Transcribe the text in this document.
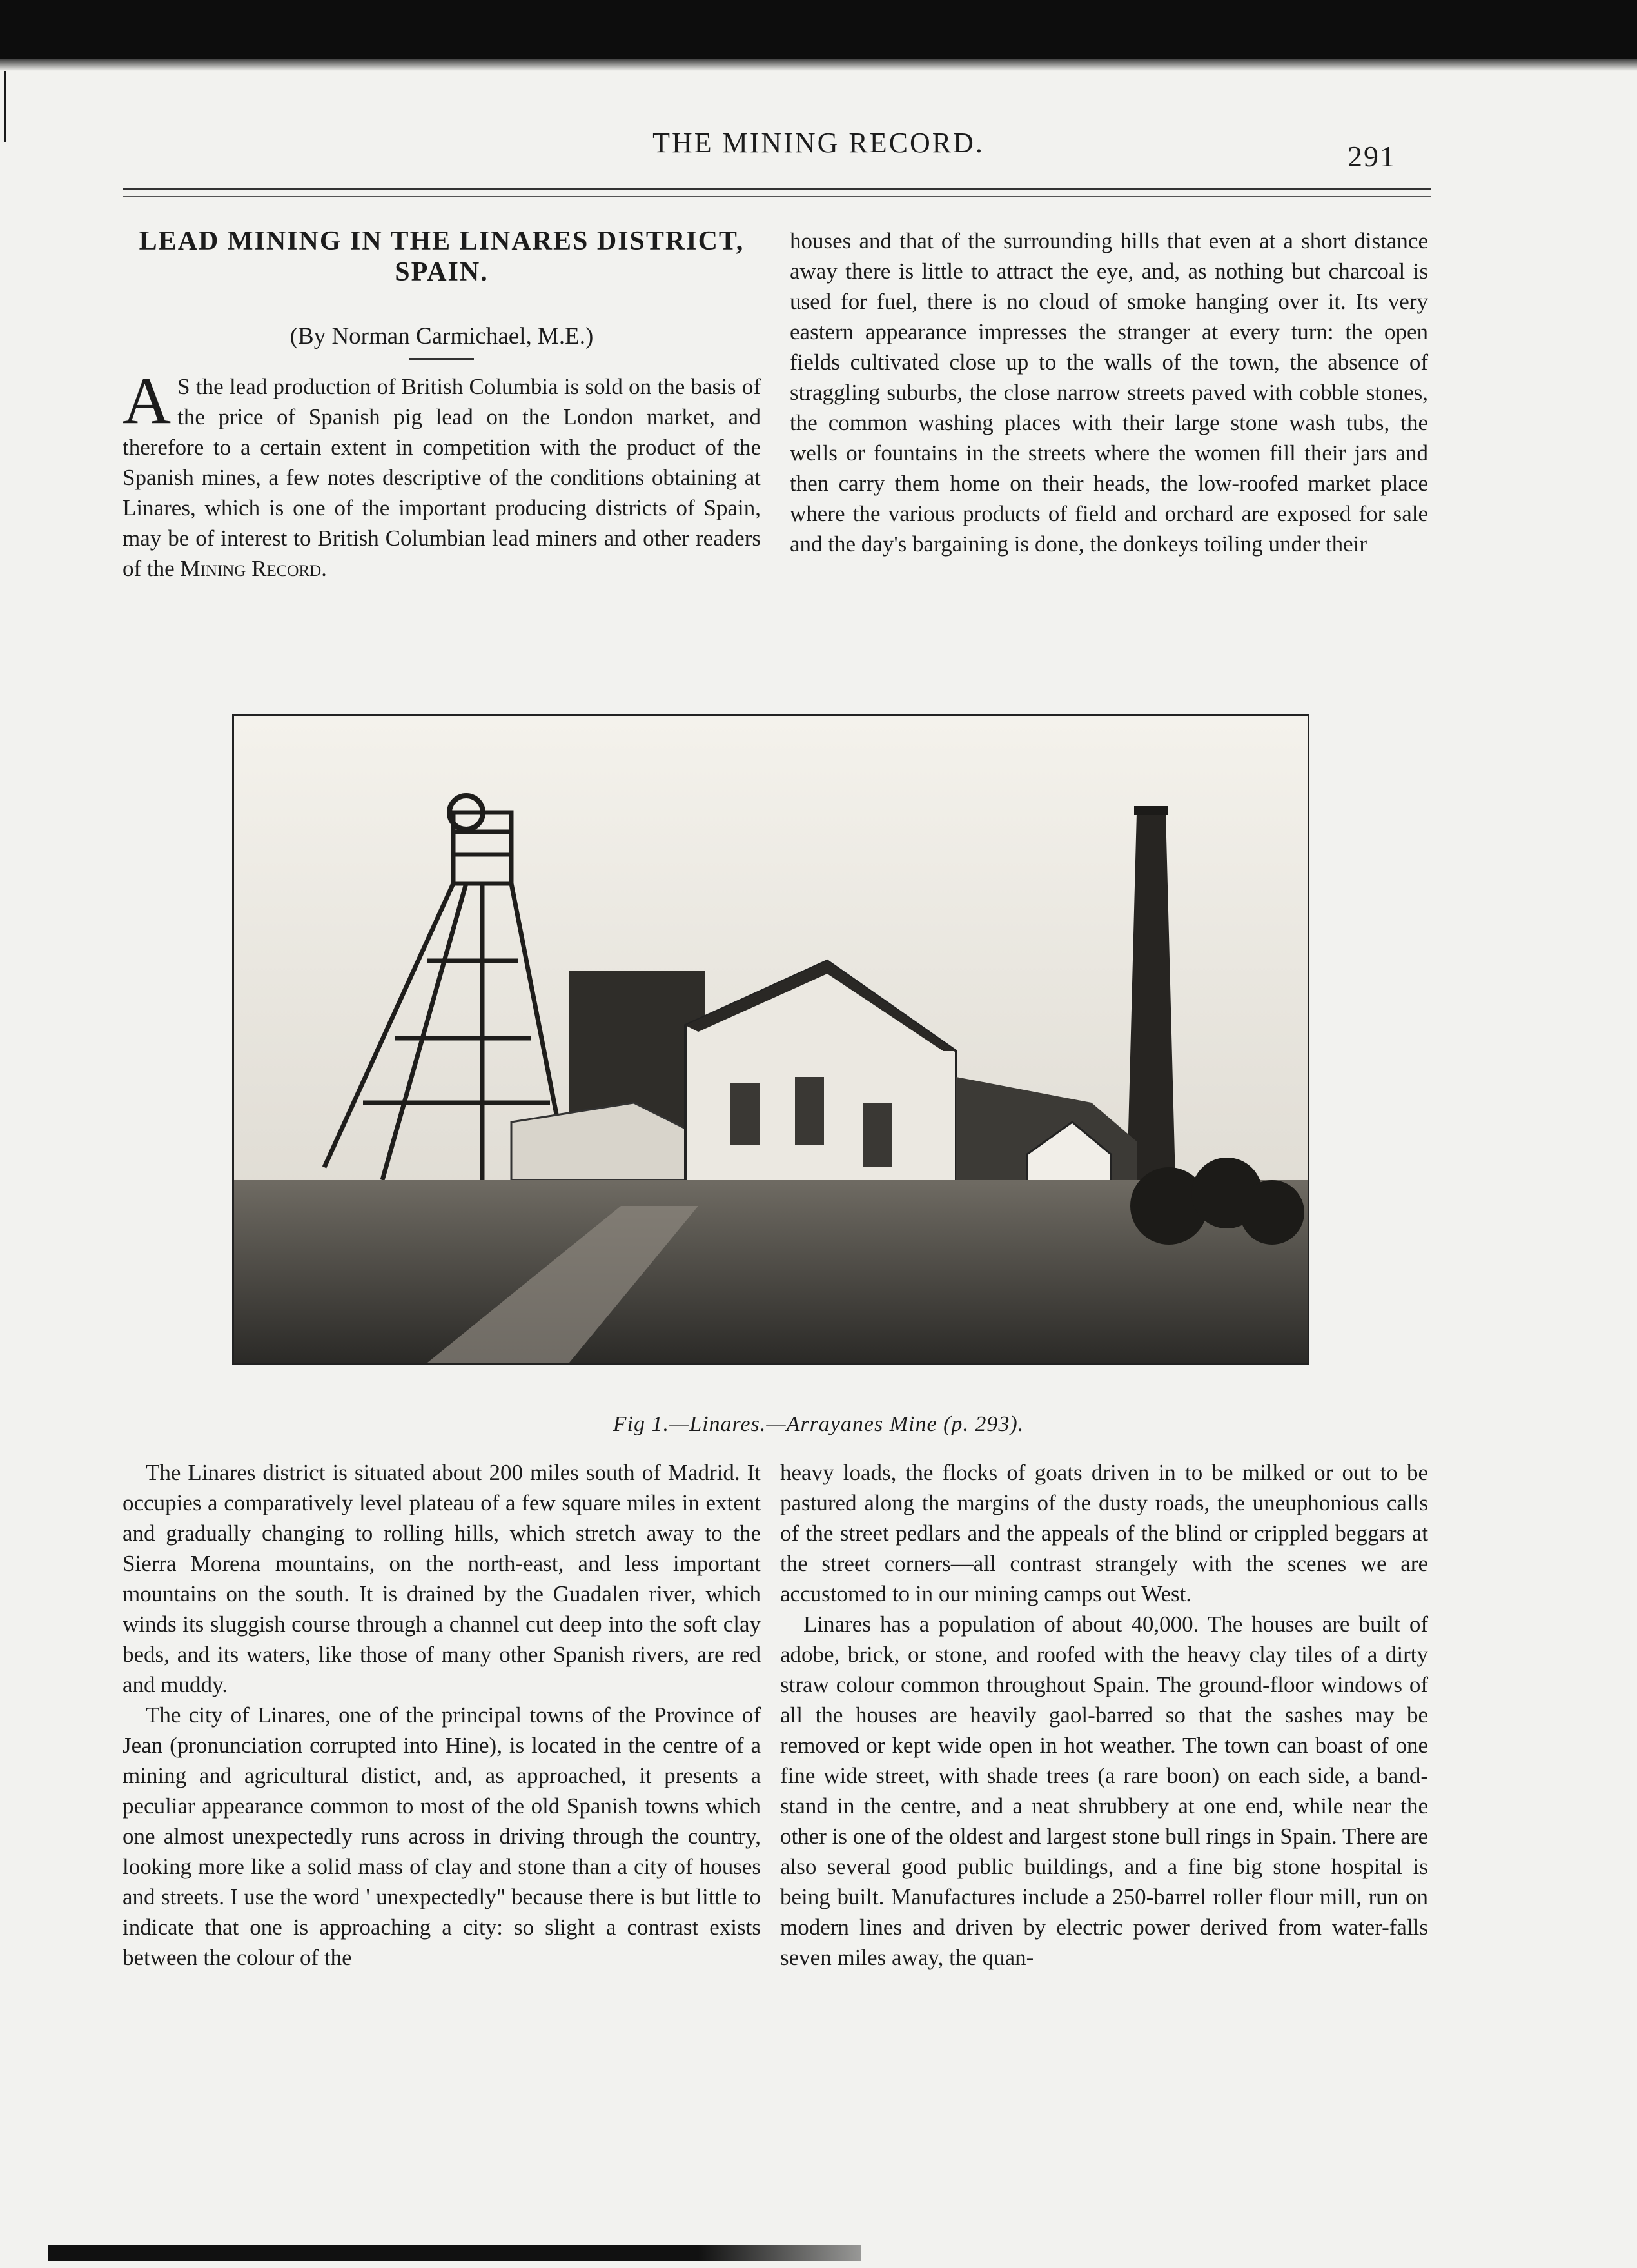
THE MINING RECORD.	291
LEAD MINING IN THE LINARES DISTRICT, SPAIN.
(By Norman Carmichael, M.E.)

A S the lead production of British Columbia is sold on the basis of the price of Spanish pig lead on the London market, and therefore to a certain extent in competition with the product of the Spanish mines, a few notes descriptive of the conditions obtaining at Linares, which is one of the important producing districts of Spain, may be of interest to British Columbian lead miners and other readers of the Mining Record.

houses and that of the surrounding hills that even at a short distance away there is little to attract the eye, and, as nothing but charcoal is used for fuel, there is no cloud of smoke hanging over it. Its very eastern appearance impresses the stranger at every turn: the open fields cultivated close up to the walls of the town, the absence of straggling suburbs, the close narrow streets paved with cobble stones, the common washing places with their large stone wash tubs, the wells or fountains in the streets where the women fill their jars and then carry them home on their heads, the low-roofed market place where the various products of field and orchard are exposed for sale and the day's bargaining is done, the donkeys toiling under their

Fig 1.—Linares.—Arrayanes Mine (p. 293).

The Linares district is situated about 200 miles south of Madrid. It occupies a comparatively level plateau of a few square miles in extent and gradually changing to rolling hills, which stretch away to the Sierra Morena mountains, on the north-east, and less important mountains on the south. It is drained by the Guadalen river, which winds its sluggish course through a channel cut deep into the soft clay beds, and its waters, like those of many other Spanish rivers, are red and muddy.

The city of Linares, one of the principal towns of the Province of Jean (pronunciation corrupted into Hine), is located in the centre of a mining and agricultural distict, and, as approached, it presents a peculiar appearance common to most of the old Spanish towns which one almost unexpectedly runs across in driving through the country, looking more like a solid mass of clay and stone than a city of houses and streets. I use the word ' unexpectedly" because there is but little to indicate that one is approaching a city: so slight a contrast exists between the colour of the

heavy loads, the flocks of goats driven in to be milked or out to be pastured along the margins of the dusty roads, the uneuphonious calls of the street pedlars and the appeals of the blind or crippled beggars at the street corners—all contrast strangely with the scenes we are accustomed to in our mining camps out West.

Linares has a population of about 40,000. The houses are built of adobe, brick, or stone, and roofed with the heavy clay tiles of a dirty straw colour common throughout Spain. The ground-floor windows of all the houses are heavily gaol-barred so that the sashes may be removed or kept wide open in hot weather. The town can boast of one fine wide street, with shade trees (a rare boon) on each side, a band-stand in the centre, and a neat shrubbery at one end, while near the other is one of the oldest and largest stone bull rings in Spain. There are also several good public buildings, and a fine big stone hospital is being built. Manufactures include a 250-barrel roller flour mill, run on modern lines and driven by electric power derived from water-falls seven miles away, the quan-
